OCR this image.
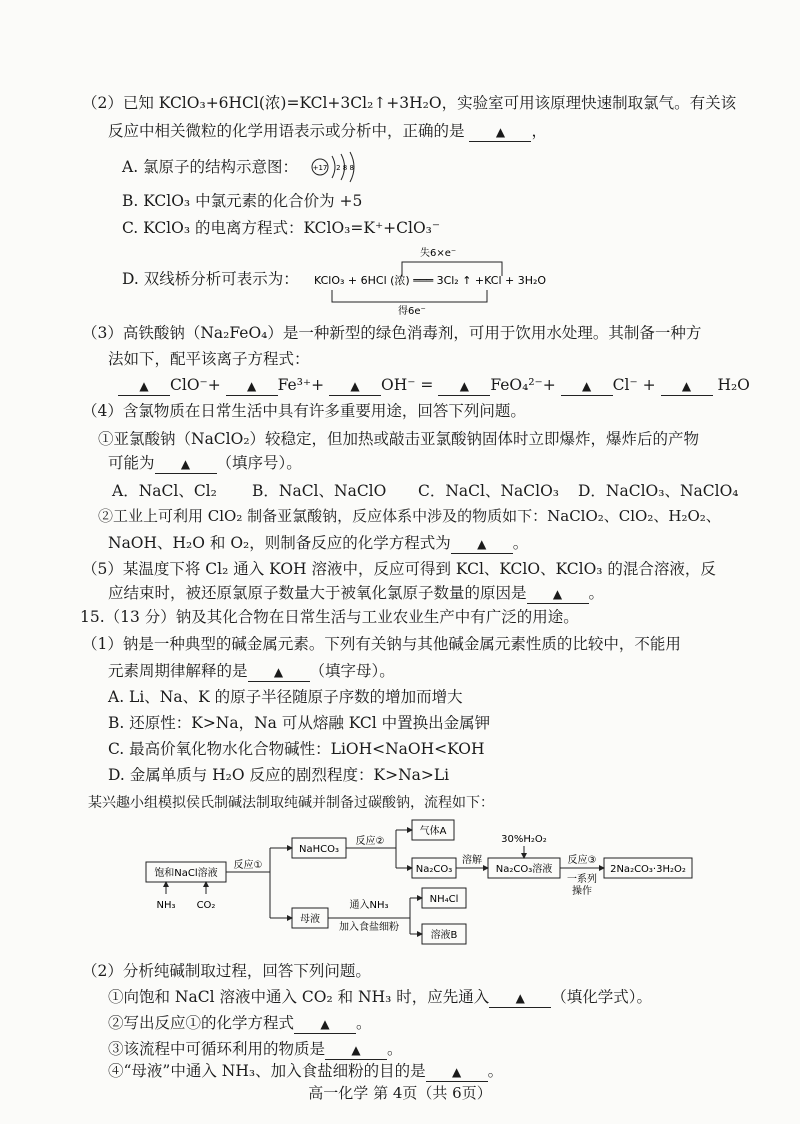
（2）已知 KClO₃+6HCl(浓)=KCl+3Cl₂↑+3H₂O，实验室可用该原理快速制取氯气。有关该
反应中相关微粒的化学用语表示或分析中，正确的是	▲ ，
A. 氯原子的结构示意图： +17 2 8 8
B. KClO₃ 中氯元素的化合价为 +5
C. KClO₃ 的电离方程式：KClO₃=K⁺+ClO₃⁻
D. 双线桥分析可表示为：
失6×e⁻
KClO₃ + 6HCl (浓) ═══ 3Cl₂ ↑ +KCl + 3H₂O
得6e⁻
（3）高铁酸钠（Na₂FeO₄）是一种新型的绿色消毒剂，可用于饮用水处理。其制备一种方
法如下，配平该离子方程式：
▲ ClO⁻+ ▲ Fe³⁺+ ▲ OH⁻ = ▲ FeO₄²⁻+ ▲ Cl⁻ + ▲ H₂O
（4）含氯物质在日常生活中具有许多重要用途，回答下列问题。
①亚氯酸钠（NaClO₂）较稳定，但加热或敲击亚氯酸钠固体时立即爆炸，爆炸后的产物
可能为 ▲ （填序号）。
A．NaCl、Cl₂ B．NaCl、NaClO C．NaCl、NaClO₃ D．NaClO₃、NaClO₄
②工业上可利用 ClO₂ 制备亚氯酸钠，反应体系中涉及的物质如下：NaClO₂、ClO₂、H₂O₂、
NaOH、H₂O 和 O₂，则制备反应的化学方程式为 ▲ 。
（5）某温度下将 Cl₂ 通入 KOH 溶液中，反应可得到 KCl、KClO、KClO₃ 的混合溶液，反
应结束时，被还原氯原子数量大于被氧化氯原子数量的原因是 ▲ 。
15.（13 分）钠及其化合物在日常生活与工业农业生产中有广泛的用途。
（1）钠是一种典型的碱金属元素。下列有关钠与其他碱金属元素性质的比较中，不能用
元素周期律解释的是 ▲ （填字母）。
A. Li、Na、K 的原子半径随原子序数的增加而增大
B. 还原性：K>Na，Na 可从熔融 KCl 中置换出金属钾
C. 最高价氧化物水化合物碱性：LiOH<NaOH<KOH
D. 金属单质与 H₂O 反应的剧烈程度：K>Na>Li
某兴趣小组模拟侯氏制碱法制取纯碱并制备过碳酸钠，流程如下：
饱和NaCl溶液
NH₃ CO₂
反应①
NaHCO₃
反应②
气体A
Na₂CO₃
溶解
30%H₂O₂
Na₂CO₃溶液
反应③
一系列
操作
2Na₂CO₃·3H₂O₂
母液
通入NH₃
加入食盐细粉
NH₄Cl
溶液B
（2）分析纯碱制取过程，回答下列问题。
①向饱和 NaCl 溶液中通入 CO₂ 和 NH₃ 时，应先通入 ▲ （填化学式）。
②写出反应①的化学方程式 ▲ 。
③该流程中可循环利用的物质是 ▲ 。
④“母液”中通入 NH₃、加入食盐细粉的目的是 ▲ 。
高一化学 第 4页（共 6页）
